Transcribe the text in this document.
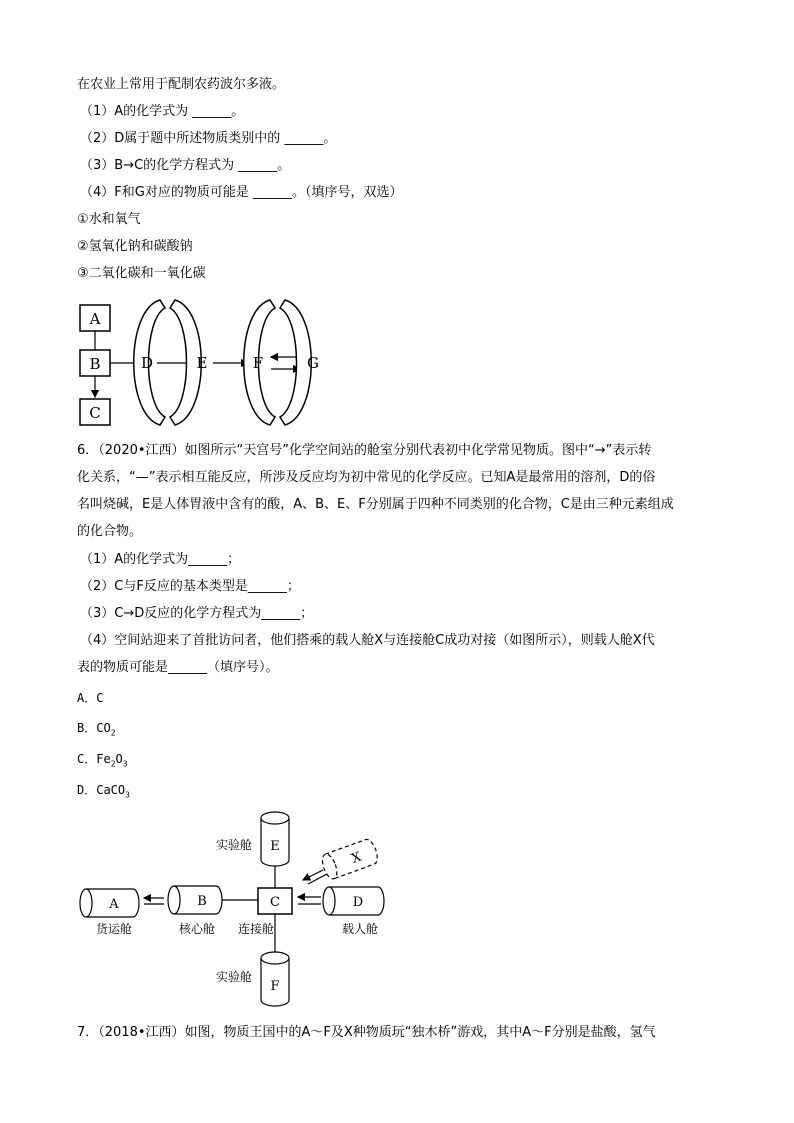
在农业上常用于配制农药波尔多液。
（1）A的化学式为 ______。
（2）D属于题中所述物质类别中的 ______。
（3）B→C的化学方程式为 ______。
（4）F和G对应的物质可能是 ______。（填序号，双选）
①水和氧气
②氢氧化钠和碳酸钠
③二氧化碳和一氧化碳
A
B
C
D	E	F	G
6．（2020•江西）如图所示“天宫号”化学空间站的舱室分别代表初中化学常见物质。图中“→”表示转
化关系，“—”表示相互能反应，所涉及反应均为初中常见的化学反应。已知A是最常用的溶剂，D的俗
名叫烧碱，E是人体胃液中含有的酸，A、B、E、F分别属于四种不同类别的化合物，C是由三种元素组成
的化合物。
（1）A的化学式为______；
（2）C与F反应的基本类型是______；
（3）C→D反应的化学方程式为______；
（4）空间站迎来了首批访问者，他们搭乘的载人舱X与连接舱C成功对接（如图所示），则载人舱X代
表的物质可能是______（填序号）。
A．C
B．$CO_2$
C．$Fe_2O_3$
D．CaCO$_3$
E
实验舱
F
实验舱
A
货运舱
B
核心舱
C
连接舱
D
载人舱
X
7．（2018•江西）如图，物质王国中的A～F及X种物质玩“独木桥”游戏，其中A～F分别是盐酸，氢气
